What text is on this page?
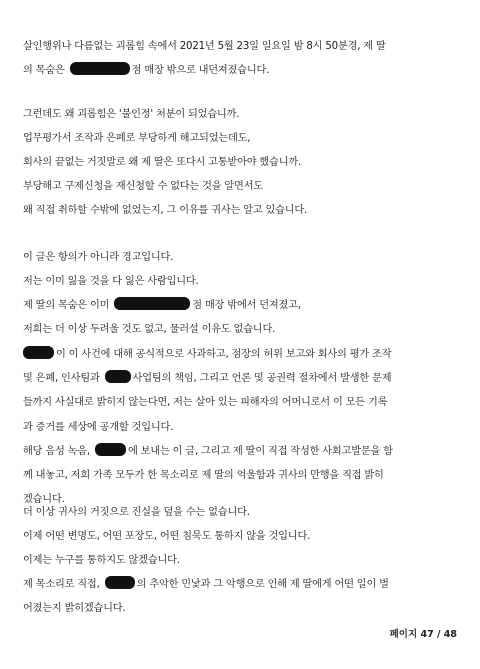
살인행위나 다름없는 괴롭힘 속에서 2021년 5월 23일 일요일 밤 8시 50분경, 제 딸
의 목숨은	점 매장 밖으로 내던져졌습니다.
그런데도 왜 괴롭힘은 '불인정' 처분이 되었습니까.
업무평가서 조작과 은폐로 부당하게 해고되었는데도,
회사의 끝없는 거짓말로 왜 제 딸은 또다시 고통받아야 했습니까.
부당해고 구제신청을 재신청할 수 없다는 것을 알면서도
왜 직접 취하할 수밖에 없었는지, 그 이유를 귀사는 알고 있습니다.
이 글은 항의가 아니라 경고입니다.
저는 이미 잃을 것을 다 잃은 사람입니다.
제 딸의 목숨은 이미	점 매장 밖에서 던져졌고,
저희는 더 이상 두려울 것도 없고, 물러설 이유도 없습니다.
이 이 사건에 대해 공식적으로 사과하고, 점장의 허위 보고와 회사의 평가 조작
및 은폐, 인사팀과	사업팀의 책임, 그리고 언론 및 공권력 절차에서 발생한 문제
들까지 사실대로 밝히지 않는다면, 저는 살아 있는 피해자의 어머니로서 이 모든 기록
과 증거를 세상에 공개할 것입니다.
해당 음성 녹음,	에 보내는 이 글, 그리고 제 딸이 직접 작성한 사회고발문을 함
께 내놓고, 저희 가족 모두가 한 목소리로 제 딸의 억울함과 귀사의 만행을 직접 밝히
겠습니다.
더 이상 귀사의 거짓으로 진실을 덮을 수는 없습니다.
이제 어떤 변명도, 어떤 포장도, 어떤 침묵도 통하지 않을 것입니다.
이제는 누구를 통하지도 않겠습니다.
제 목소리로 직접,	의 추악한 민낯과 그 악행으로 인해 제 딸에게 어떤 일이 벌
어졌는지 밝히겠습니다.
페이지 47 / 48
